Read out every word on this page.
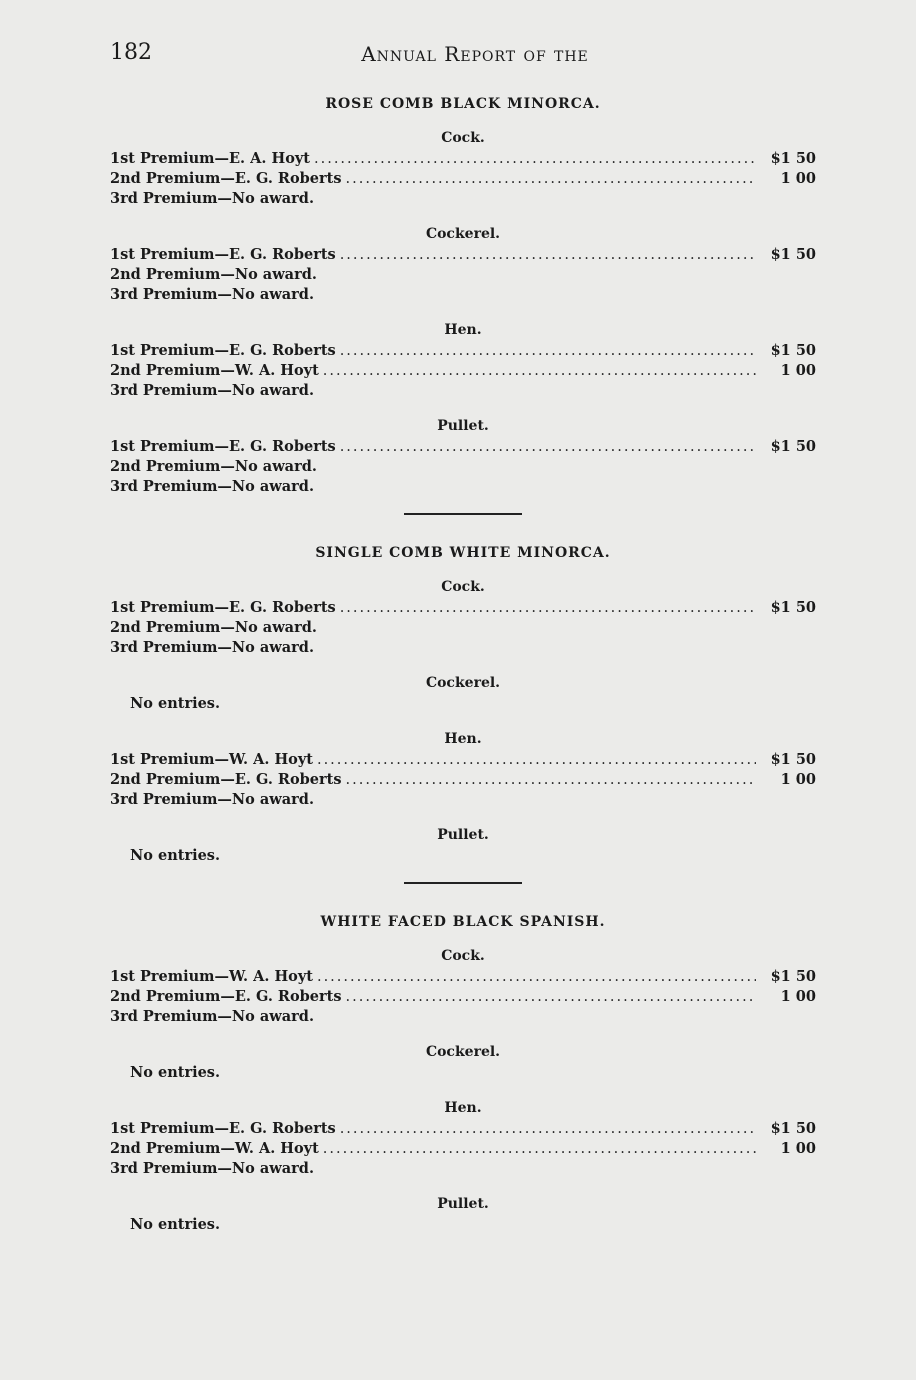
182	Annual Report of the
ROSE COMB BLACK MINORCA.
Cock.
1st Premium—E. A. Hoyt .....	$1 50
2nd Premium—E. G. Roberts .....	1 00
3rd Premium—No award.
Cockerel.
1st Premium—E. G. Roberts .....	$1 50
2nd Premium—No award.
3rd Premium—No award.
Hen.
1st Premium—E. G. Roberts .....	$1 50
2nd Premium—W. A. Hoyt .....	1 00
3rd Premium—No award.
Pullet.
1st Premium—E. G. Roberts .....	$1 50
2nd Premium—No award.
3rd Premium—No award.
SINGLE COMB WHITE MINORCA.
Cock.
1st Premium—E. G. Roberts .....	$1 50
2nd Premium—No award.
3rd Premium—No award.
Cockerel.
No entries.
Hen.
1st Premium—W. A. Hoyt .....	$1 50
2nd Premium—E. G. Roberts .....	1 00
3rd Premium—No award.
Pullet.
No entries.
WHITE FACED BLACK SPANISH.
Cock.
1st Premium—W. A. Hoyt .....	$1 50
2nd Premium—E. G. Roberts .....	1 00
3rd Premium—No award.
Cockerel.
No entries.
Hen.
1st Premium—E. G. Roberts .....	$1 50
2nd Premium—W. A. Hoyt .....	1 00
3rd Premium—No award.
Pullet.
No entries.
